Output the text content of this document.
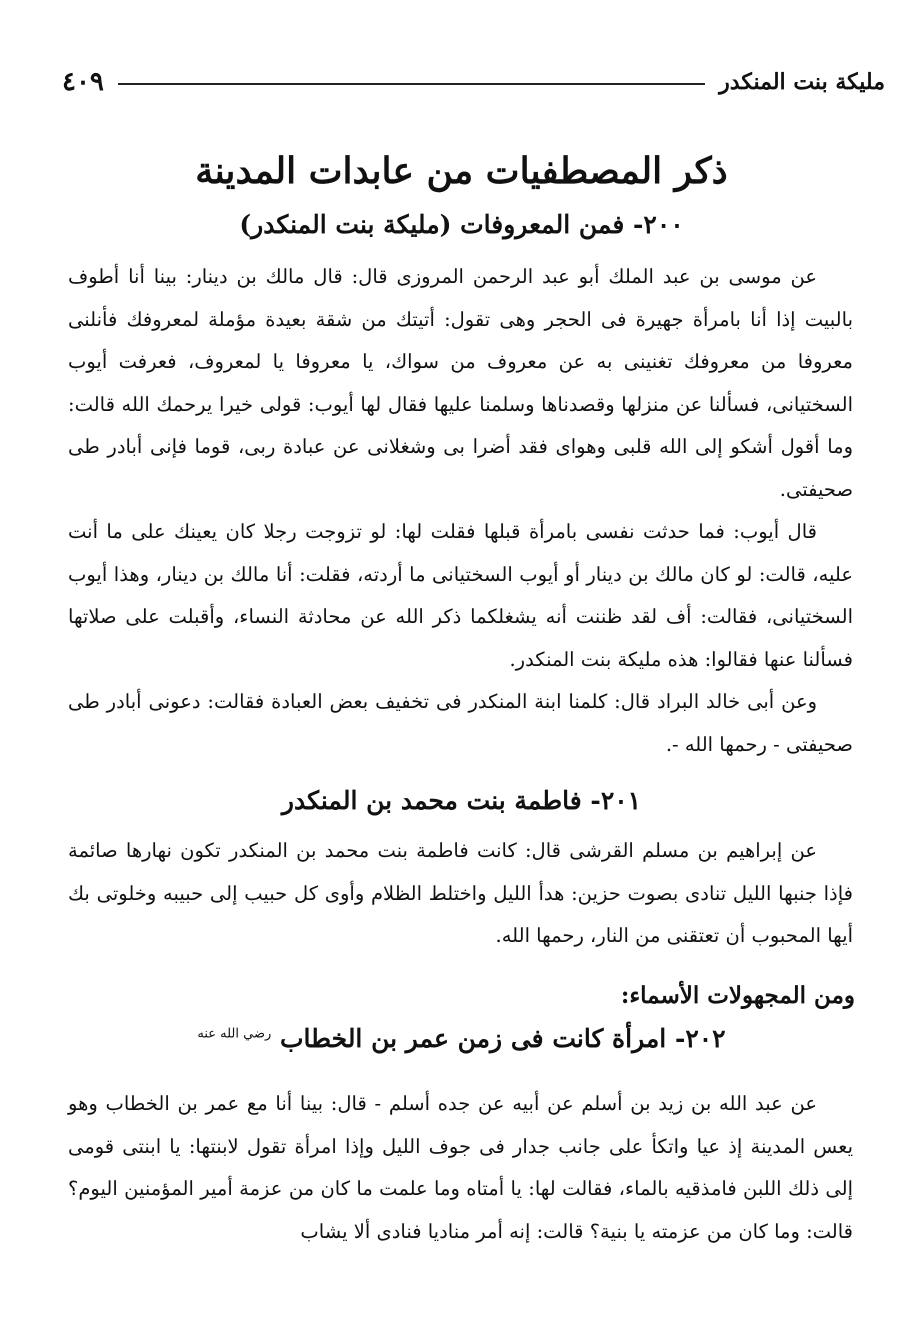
مليكة بنت المنكدر
٤٠٩
ذكر المصطفيات من عابدات المدينة
٢٠٠- فمن المعروفات (مليكة بنت المنكدر)

عن موسى بن عبد الملك أبو عبد الرحمن المروزى قال: قال مالك بن دينار: بينا أنا أطوف بالبيت إذا أنا بامرأة جهيرة فى الحجر وهى تقول: أتيتك من شقة بعيدة مؤملة لمعروفك فأنلنى معروفا من معروفك تغنينى به عن معروف من سواك، يا معروفا يا لمعروف، فعرفت أيوب السختيانى، فسألنا عن منزلها وقصدناها وسلمنا عليها فقال لها أيوب: قولى خيرا يرحمك الله قالت: وما أقول أشكو إلى الله قلبى وهواى فقد أضرا بى وشغلانى عن عبادة ربى، قوما فإنى أبادر طى صحيفتى.

قال أيوب: فما حدثت نفسى بامرأة قبلها فقلت لها: لو تزوجت رجلا كان يعينك على ما أنت عليه، قالت: لو كان مالك بن دينار أو أيوب السختيانى ما أردته، فقلت: أنا مالك بن دينار، وهذا أيوب السختيانى، فقالت: أف لقد ظننت أنه يشغلكما ذكر الله عن محادثة النساء، وأقبلت على صلاتها فسألنا عنها فقالوا: هذه مليكة بنت المنكدر.

وعن أبى خالد البراد قال: كلمنا ابنة المنكدر فى تخفيف بعض العبادة فقالت: دعونى أبادر طى صحيفتى - رحمها الله -.

٢٠١- فاطمة بنت محمد بن المنكدر

عن إبراهيم بن مسلم القرشى قال: كانت فاطمة بنت محمد بن المنكدر تكون نهارها صائمة فإذا جنبها الليل تنادى بصوت حزين: هدأ الليل واختلط الظلام وأوى كل حبيب إلى حبيبه وخلوتى بك أيها المحبوب أن تعتقنى من النار، رحمها الله.

ومن المجهولات الأسماء:
٢٠٢- امرأة كانت فى زمن عمر بن الخطاب $^{رضي الله عنه}$

عن عبد الله بن زيد بن أسلم عن أبيه عن جده أسلم - قال: بينا أنا مع عمر بن الخطاب وهو يعس المدينة إذ عيا واتكأ على جانب جدار فى جوف الليل وإذا امرأة تقول لابنتها: يا ابنتى قومى إلى ذلك اللبن فامذقيه بالماء، فقالت لها: يا أمتاه وما علمت ما كان من عزمة أمير المؤمنين اليوم؟ قالت: وما كان من عزمته يا بنية؟ قالت: إنه أمر مناديا فنادى ألا يشاب
